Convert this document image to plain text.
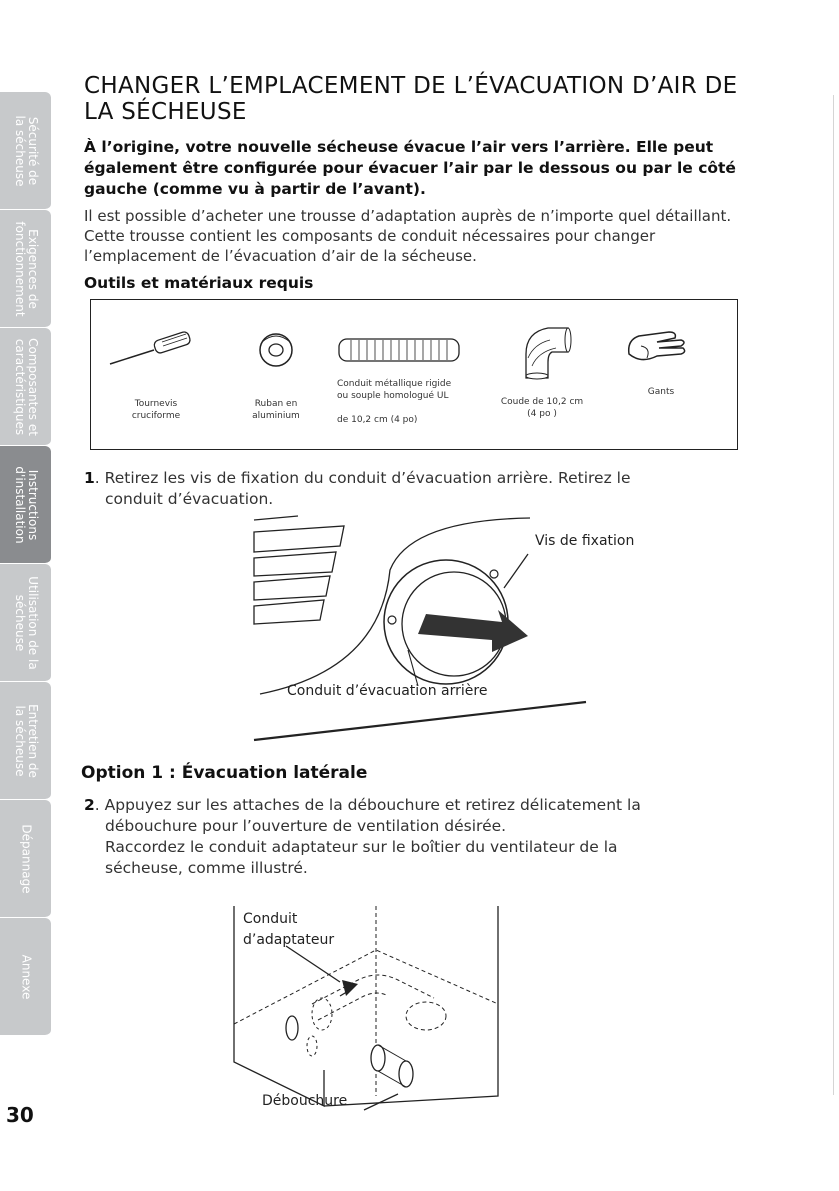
Sécurité de
la sécheuse
Exigences de
fonctionnement
Composantes et
caractéristiques
Instructions
d'installation
Utilisation de la
sécheuse
Entretien de
la sécheuse
Dépannage
Annexe
30
CHANGER L’EMPLACEMENT DE L’ÉVACUATION D’AIR DE LA SÉCHEUSE

À l’origine, votre nouvelle sécheuse évacue l’air vers l’arrière. Elle peut également être configurée pour évacuer l’air par le dessous ou par le côté gauche (comme vu à partir de l’avant).

Il est possible d’acheter une trousse d’adaptation auprès de n’importe quel détaillant. Cette trousse contient les composants de conduit nécessaires pour changer l’emplacement de l’évacuation d’air de la sécheuse.

Outils et matériaux requis

Tournevis
cruciforme
Ruban en
aluminium
Conduit métallique rigide
ou souple homologué UL

de 10,2 cm (4 po)
Coude de 10,2 cm
(4 po )
Gants
1. Retirez les vis de fixation du conduit d’évacuation arrière. Retirez le
conduit d’évacuation.
Vis de fixation
Conduit d’évacuation arrière
Option 1 : Évacuation latérale
2. Appuyez sur les attaches de la débouchure et retirez délicatement la
débouchure pour l’ouverture de ventilation désirée.
Raccordez le conduit adaptateur sur le boîtier du ventilateur de la
sécheuse, comme illustré.
Conduit
d’adaptateur
Débouchure
